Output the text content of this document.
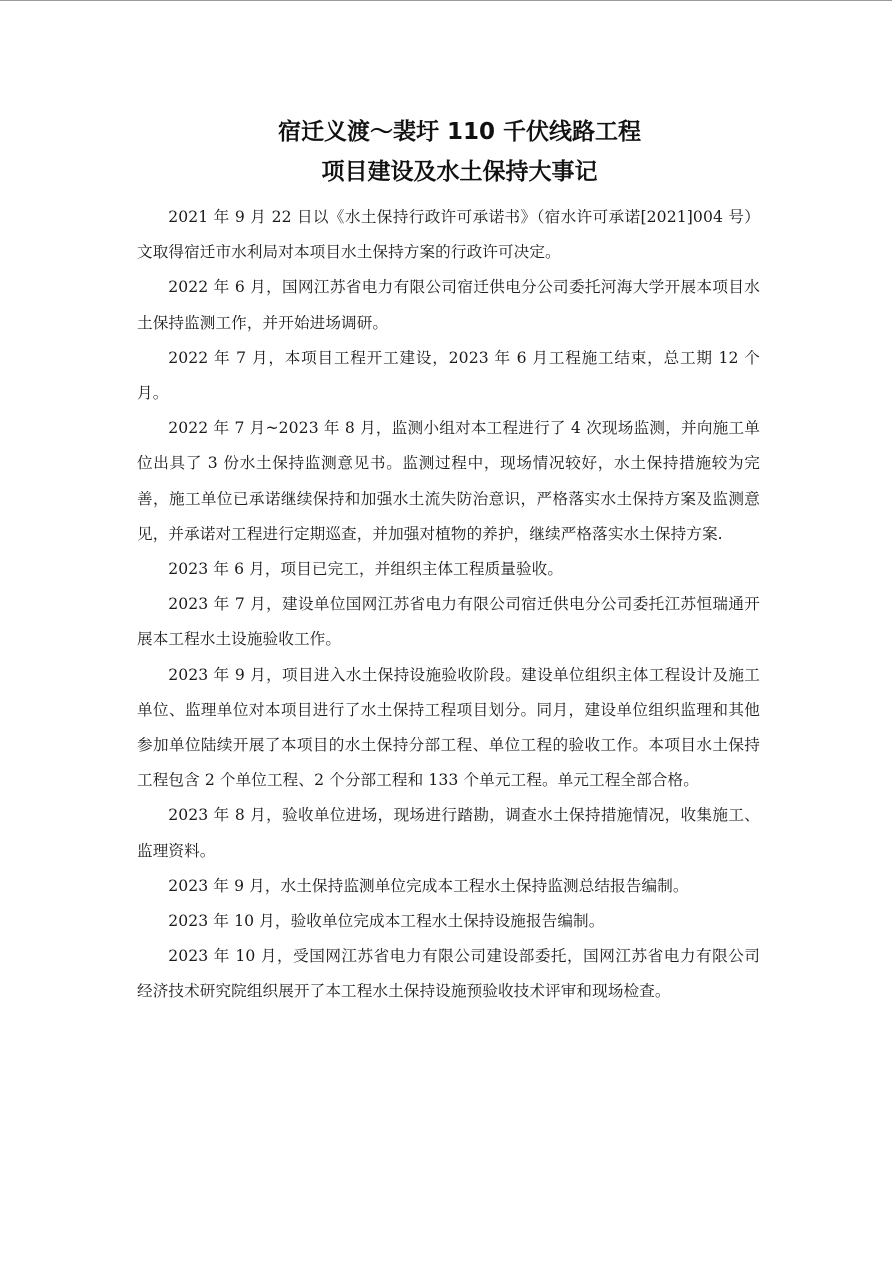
宿迁义渡～裴圩 110 千伏线路工程
项目建设及水土保持大事记

2021 年 9 月 22 日以《水土保持行政许可承诺书》（宿水许可承诺[2021]004 号）文取得宿迁市水利局对本项目水土保持方案的行政许可决定。

2022 年 6 月，国网江苏省电力有限公司宿迁供电分公司委托河海大学开展本项目水土保持监测工作，并开始进场调研。

2022 年 7 月，本项目工程开工建设，2023 年 6 月工程施工结束，总工期 12 个月。

2022 年 7 月~2023 年 8 月，监测小组对本工程进行了 4 次现场监测，并向施工单位出具了 3 份水土保持监测意见书。监测过程中，现场情况较好，水土保持措施较为完善，施工单位已承诺继续保持和加强水土流失防治意识，严格落实水土保持方案及监测意见，并承诺对工程进行定期巡查，并加强对植物的养护，继续严格落实水土保持方案.

2023 年 6 月，项目已完工，并组织主体工程质量验收。

2023 年 7 月，建设单位国网江苏省电力有限公司宿迁供电分公司委托江苏恒瑞通开展本工程水土设施验收工作。

2023 年 9 月，项目进入水土保持设施验收阶段。建设单位组织主体工程设计及施工单位、监理单位对本项目进行了水土保持工程项目划分。同月，建设单位组织监理和其他参加单位陆续开展了本项目的水土保持分部工程、单位工程的验收工作。本项目水土保持工程包含 2 个单位工程、2 个分部工程和 133 个单元工程。单元工程全部合格。

2023 年 8 月，验收单位进场，现场进行踏勘，调查水土保持措施情况，收集施工、监理资料。

2023 年 9 月，水土保持监测单位完成本工程水土保持监测总结报告编制。

2023 年 10 月，验收单位完成本工程水土保持设施报告编制。

2023 年 10 月，受国网江苏省电力有限公司建设部委托，国网江苏省电力有限公司经济技术研究院组织展开了本工程水土保持设施预验收技术评审和现场检查。
